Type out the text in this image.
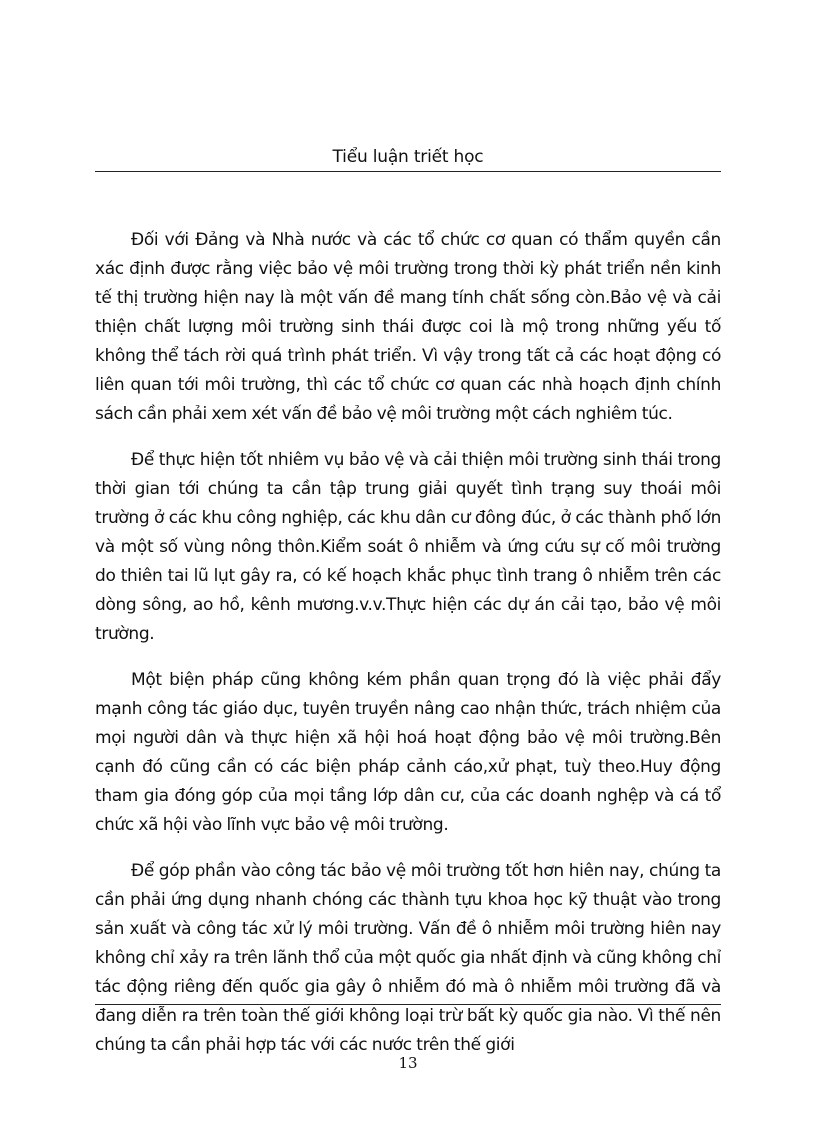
Tiểu luận triết học

Đối với Đảng và Nhà nước và các tổ chức cơ quan có thẩm quyền cần xác định được rằng việc bảo vệ môi trường trong thời kỳ phát triển nền kinh tế thị trường hiện nay là một vấn đề mang tính chất sống còn.Bảo vệ và cải thiện chất lượng môi trường sinh thái được coi là mộ trong những yếu tố không thể tách rời quá trình phát triển. Vì vậy trong tất cả các hoạt động có liên quan tới môi trường, thì các tổ chức cơ quan các nhà hoạch định chính sách cần phải xem xét vấn đề bảo vệ môi trường một cách nghiêm túc.

Để thực hiện tốt nhiêm vụ bảo vệ và cải thiện môi trường sinh thái trong thời gian tới chúng ta cần tập trung giải quyết tình trạng suy thoái môi trường ở các khu công nghiệp, các khu dân cư đông đúc, ở các thành phố lớn và một số vùng nông thôn.Kiểm soát ô nhiễm và ứng cứu sự cố môi trường do thiên tai lũ lụt gây ra, có kế hoạch khắc phục tình trang ô nhiễm trên các dòng sông, ao hồ, kênh mương.v.v.Thực hiện các dự án cải tạo, bảo vệ môi trường.

Một biện pháp cũng không kém phần quan trọng đó là việc phải đẩy mạnh công tác giáo dục, tuyên truyền nâng cao nhận thức, trách nhiệm của mọi người dân và thực hiện xã hội hoá hoạt động bảo vệ môi trường.Bên cạnh đó cũng cần có các biện pháp cảnh cáo,xử phạt, tuỳ theo.Huy động tham gia đóng góp của mọi tầng lớp dân cư, của các doanh nghệp và cá tổ chức xã hội vào lĩnh vực bảo vệ môi trường.

Để góp phần vào công tác bảo vệ môi trường tốt hơn hiên nay, chúng ta cần phải ứng dụng nhanh chóng các thành tựu khoa học kỹ thuật vào trong sản xuất và công tác xử lý môi trường. Vấn đề ô nhiễm môi trường hiên nay không chỉ xảy ra trên lãnh thổ của một quốc gia nhất định và cũng không chỉ tác động riêng đến quốc gia gây ô nhiễm đó mà ô nhiễm môi trường đã và đang diễn ra trên toàn thế giới không loại trừ bất kỳ quốc gia nào. Vì thế nên chúng ta cần phải hợp tác với các nước trên thế giới

13
